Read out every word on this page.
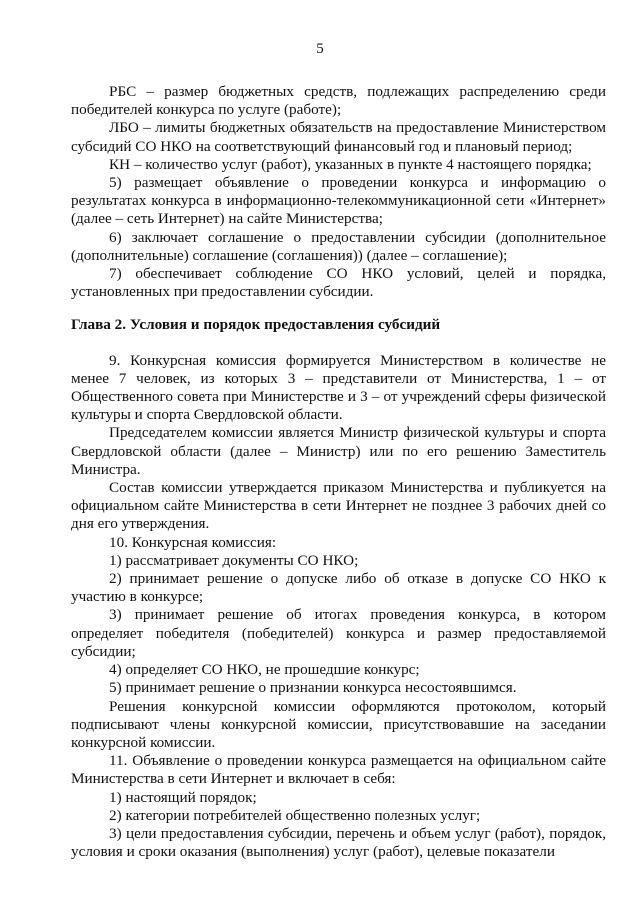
5

РБС – размер бюджетных средств, подлежащих распределению среди победителей конкурса по услуге (работе);

ЛБО – лимиты бюджетных обязательств на предоставление Министерством субсидий СО НКО на соответствующий финансовый год и плановый период;

КН – количество услуг (работ), указанных в пункте 4 настоящего порядка;

5) размещает объявление о проведении конкурса и информацию о результатах конкурса в информационно-телекоммуникационной сети «Интернет» (далее – сеть Интернет) на сайте Министерства;

6) заключает соглашение о предоставлении субсидии (дополнительное (дополнительные) соглашение (соглашения)) (далее – соглашение);

7) обеспечивает соблюдение СО НКО условий, целей и порядка, установленных при предоставлении субсидии.

Глава 2. Условия и порядок предоставления субсидий

9. Конкурсная комиссия формируется Министерством в количестве не менее 7 человек, из которых 3 – представители от Министерства, 1 – от Общественного совета при Министерстве и 3 – от учреждений сферы физической культуры и спорта Свердловской области.

Председателем комиссии является Министр физической культуры и спорта Свердловской области (далее – Министр) или по его решению Заместитель Министра.

Состав комиссии утверждается приказом Министерства и публикуется на официальном сайте Министерства в сети Интернет не позднее 3 рабочих дней со дня его утверждения.

10. Конкурсная комиссия:

1) рассматривает документы СО НКО;

2) принимает решение о допуске либо об отказе в допуске СО НКО к участию в конкурсе;

3) принимает решение об итогах проведения конкурса, в котором определяет победителя (победителей) конкурса и размер предоставляемой субсидии;

4) определяет СО НКО, не прошедшие конкурс;

5) принимает решение о признании конкурса несостоявшимся.

Решения конкурсной комиссии оформляются протоколом, который подписывают члены конкурсной комиссии, присутствовавшие на заседании конкурсной комиссии.

11. Объявление о проведении конкурса размещается на официальном сайте Министерства в сети Интернет и включает в себя:

1) настоящий порядок;

2) категории потребителей общественно полезных услуг;

3) цели предоставления субсидии, перечень и объем услуг (работ), порядок, условия и сроки оказания (выполнения) услуг (работ), целевые показатели
